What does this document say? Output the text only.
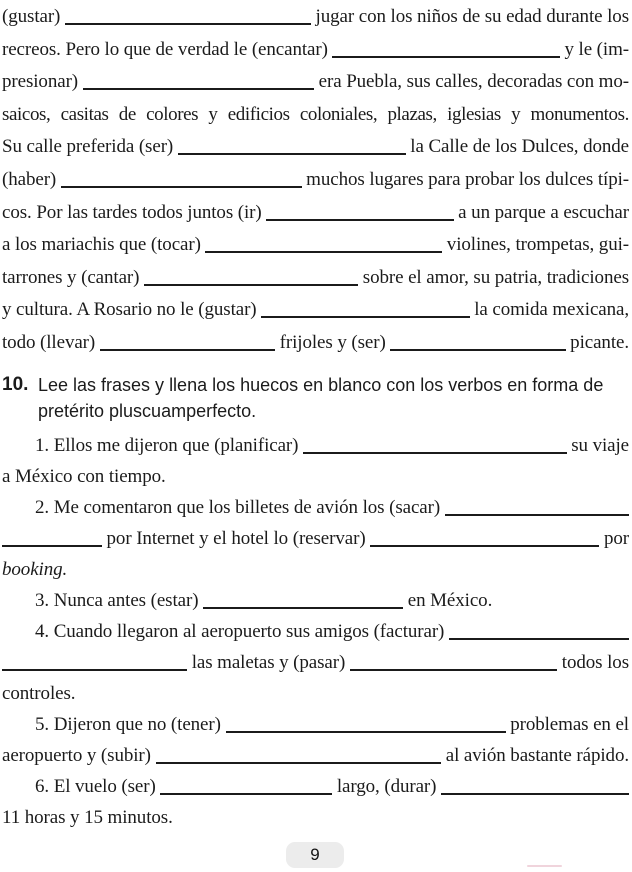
(gustar)	jugar con los niños de su edad durante los
recreos. Pero lo que de verdad le (encantar)	y le (im-
presionar)	era Puebla, sus calles, decoradas con mo-
saicos, casitas de colores y edificios coloniales, plazas, iglesias y monumentos.
Su calle preferida (ser)	la Calle de los Dulces, donde
(haber)	muchos lugares para probar los dulces típi-
cos. Por las tardes todos juntos (ir)	a un parque a escuchar
a los mariachis que (tocar)	violines, trompetas, gui-
tarrones y (cantar)	sobre el amor, su patria, tradiciones
y cultura. A Rosario no le (gustar)	la comida mexicana,
todo (llevar)	frijoles y (ser)	picante.
10. Lee las frases y llena los huecos en blanco con los verbos en forma de
pretérito pluscuamperfecto.
1. Ellos me dijeron que (planificar)	su viaje
a México con tiempo.
2. Me comentaron que los billetes de avión los (sacar)
por Internet y el hotel lo (reservar)	por
booking.
3. Nunca antes (estar)	en México.
4. Cuando llegaron al aeropuerto sus amigos (facturar)
las maletas y (pasar)	todos los
controles.
5. Dijeron que no (tener)	problemas en el
aeropuerto y (subir)	al avión bastante rápido.
6. El vuelo (ser)	largo, (durar)
11 horas y 15 minutos.
9
